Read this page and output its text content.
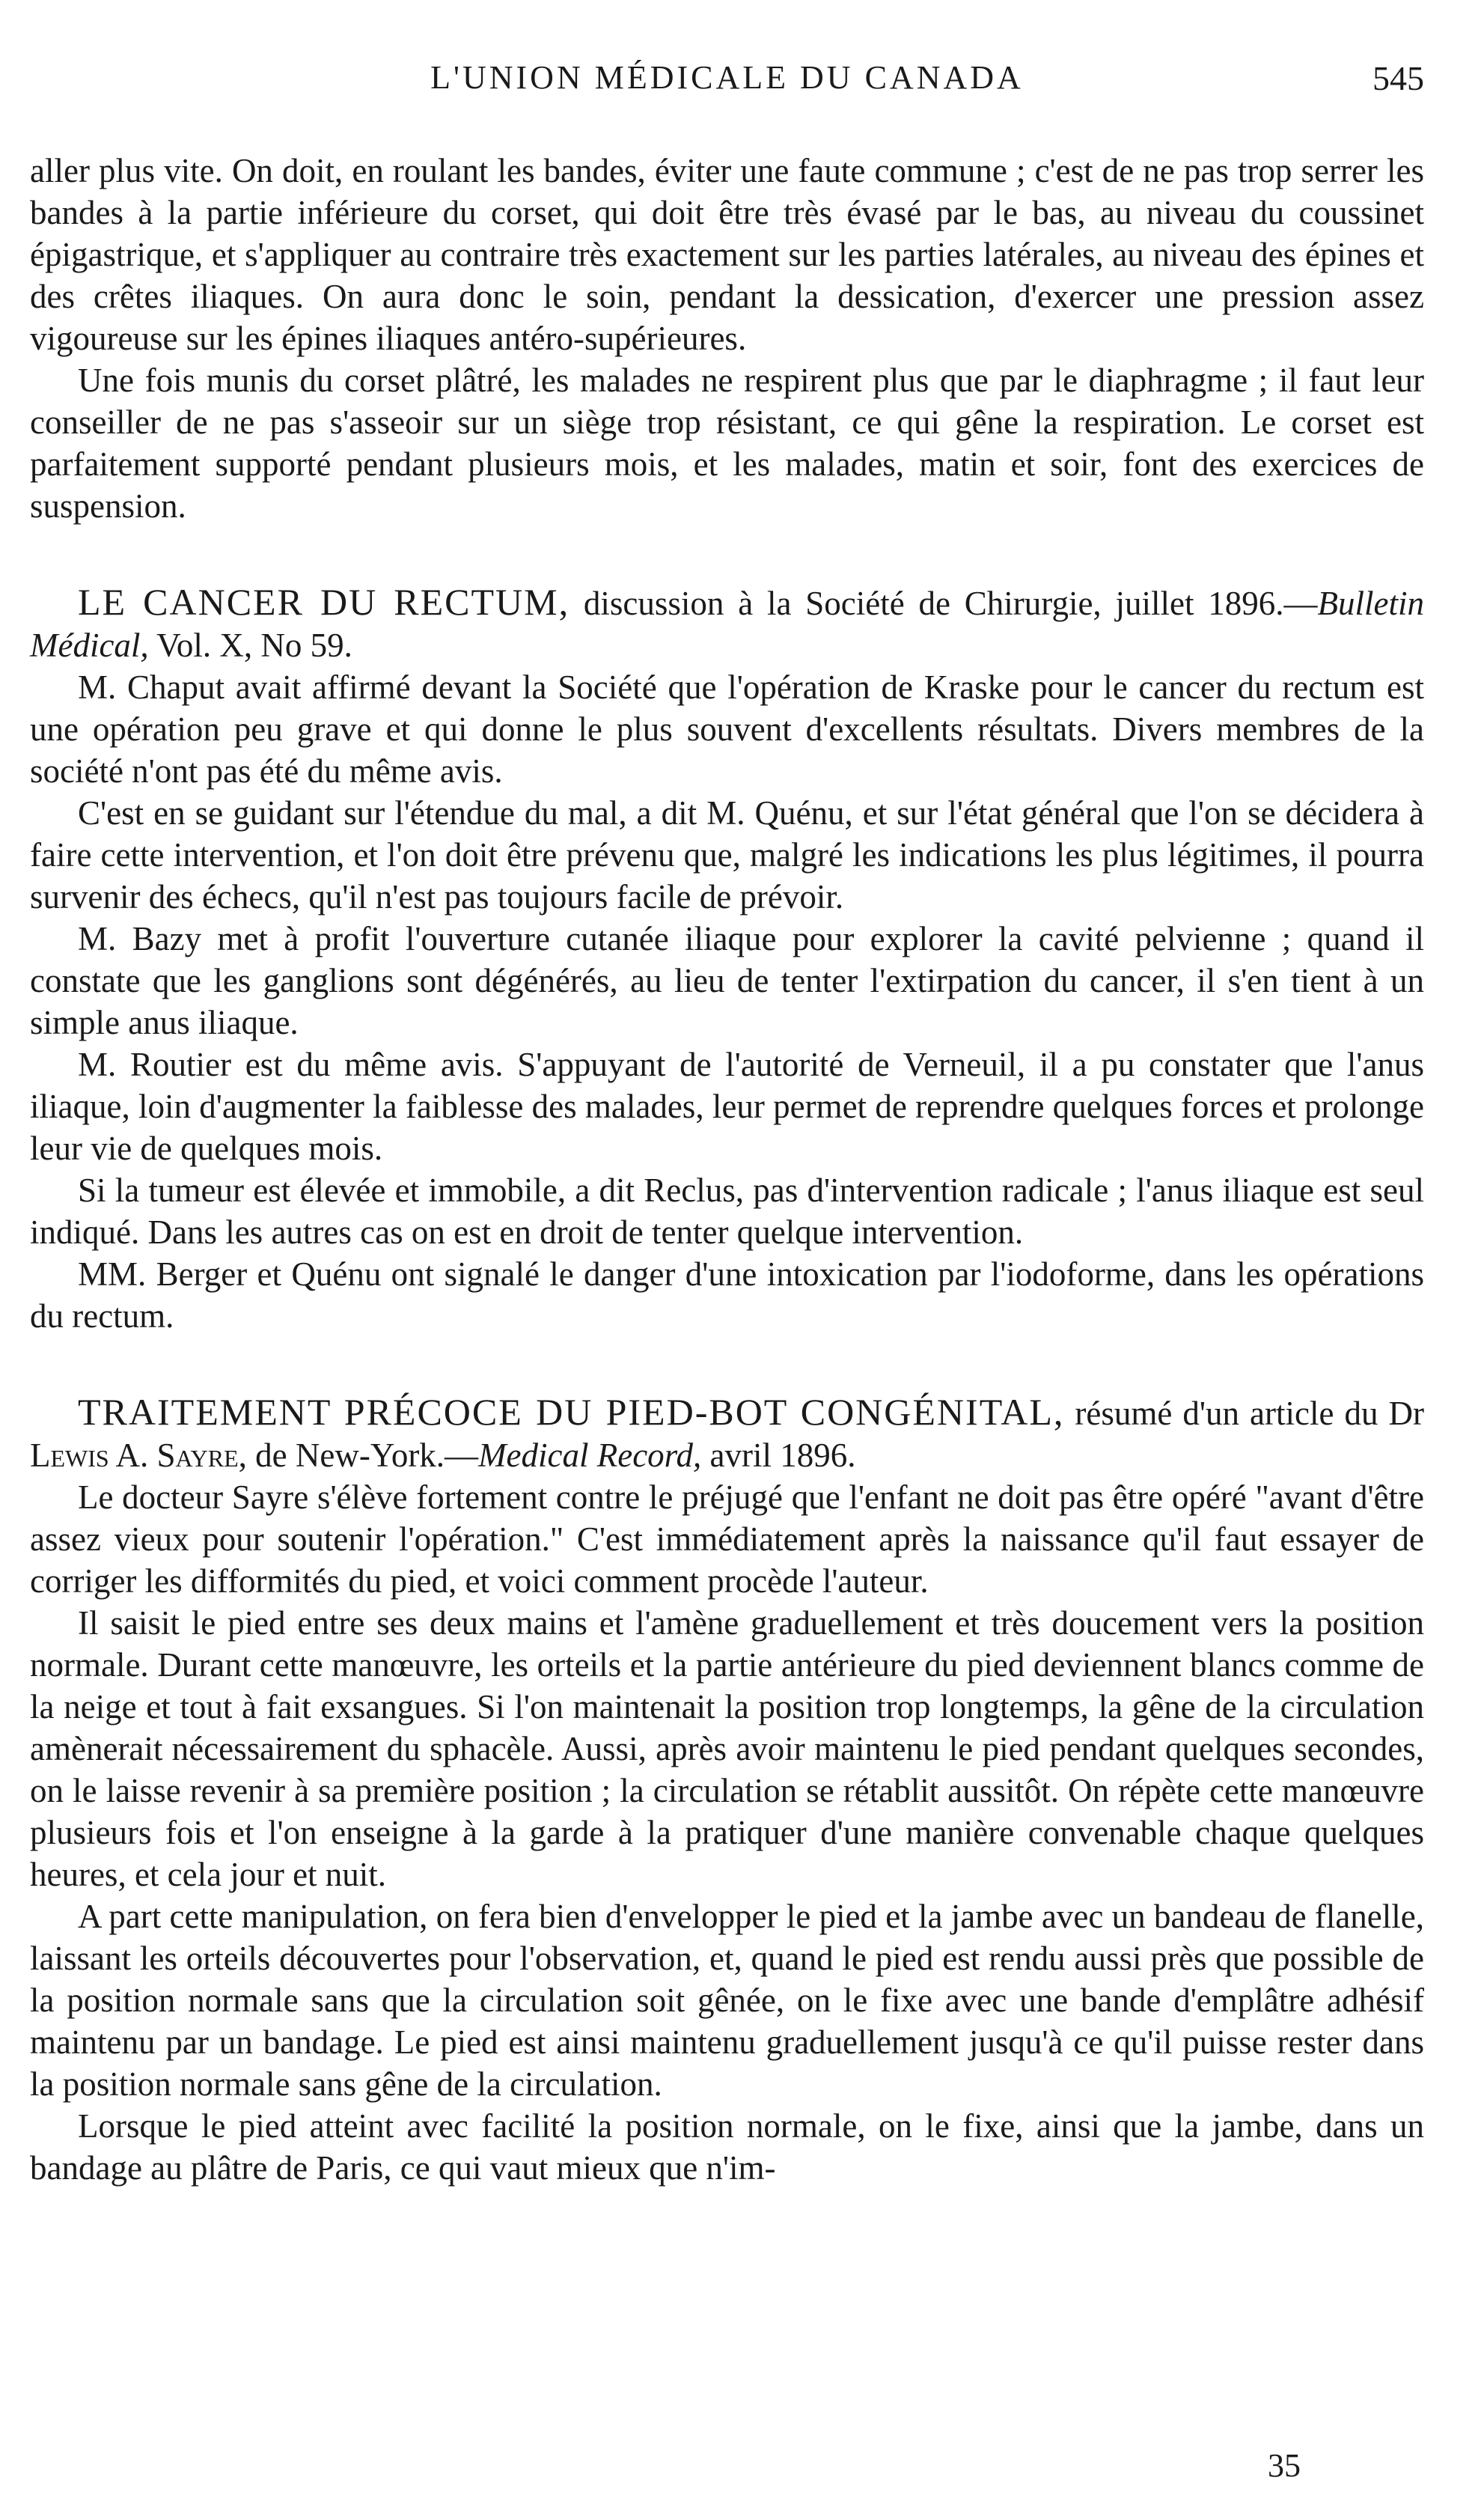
L'UNION MÉDICALE DU CANADA	545

aller plus vite. On doit, en roulant les bandes, éviter une faute commune ; c'est de ne pas trop serrer les bandes à la partie inférieure du corset, qui doit être très évasé par le bas, au niveau du coussinet épigastrique, et s'appliquer au contraire très exactement sur les parties latérales, au niveau des épines et des crêtes iliaques. On aura donc le soin, pendant la dessication, d'exercer une pression assez vigoureuse sur les épines iliaques antéro-supérieures.

Une fois munis du corset plâtré, les malades ne respirent plus que par le diaphragme ; il faut leur conseiller de ne pas s'asseoir sur un siège trop résistant, ce qui gêne la respiration. Le corset est parfaitement supporté pendant plusieurs mois, et les malades, matin et soir, font des exercices de suspension.

LE CANCER DU RECTUM, discussion à la Société de Chirurgie, juillet 1896.—Bulletin Médical, Vol. X, No 59.

M. Chaput avait affirmé devant la Société que l'opération de Kraske pour le cancer du rectum est une opération peu grave et qui donne le plus souvent d'excellents résultats. Divers membres de la société n'ont pas été du même avis.

C'est en se guidant sur l'étendue du mal, a dit M. Quénu, et sur l'état général que l'on se décidera à faire cette intervention, et l'on doit être prévenu que, malgré les indications les plus légitimes, il pourra survenir des échecs, qu'il n'est pas toujours facile de prévoir.

M. Bazy met à profit l'ouverture cutanée iliaque pour explorer la cavité pelvienne ; quand il constate que les ganglions sont dégénérés, au lieu de tenter l'extirpation du cancer, il s'en tient à un simple anus iliaque.

M. Routier est du même avis. S'appuyant de l'autorité de Verneuil, il a pu constater que l'anus iliaque, loin d'augmenter la faiblesse des malades, leur permet de reprendre quelques forces et prolonge leur vie de quelques mois.

Si la tumeur est élevée et immobile, a dit Reclus, pas d'intervention radicale ; l'anus iliaque est seul indiqué. Dans les autres cas on est en droit de tenter quelque intervention.

MM. Berger et Quénu ont signalé le danger d'une intoxication par l'iodoforme, dans les opérations du rectum.

TRAITEMENT PRÉCOCE DU PIED-BOT CONGÉNITAL, résumé d'un article du Dr Lewis A. Sayre, de New-York.—Medical Record, avril 1896.

Le docteur Sayre s'élève fortement contre le préjugé que l'enfant ne doit pas être opéré "avant d'être assez vieux pour soutenir l'opération." C'est immédiatement après la naissance qu'il faut essayer de corriger les difformités du pied, et voici comment procède l'auteur.

Il saisit le pied entre ses deux mains et l'amène graduellement et très doucement vers la position normale. Durant cette manœuvre, les orteils et la partie antérieure du pied deviennent blancs comme de la neige et tout à fait exsangues. Si l'on maintenait la position trop longtemps, la gêne de la circulation amènerait nécessairement du sphacèle. Aussi, après avoir maintenu le pied pendant quelques secondes, on le laisse revenir à sa première position ; la circulation se rétablit aussitôt. On répète cette manœuvre plusieurs fois et l'on enseigne à la garde à la pratiquer d'une manière convenable chaque quelques heures, et cela jour et nuit.

A part cette manipulation, on fera bien d'envelopper le pied et la jambe avec un bandeau de flanelle, laissant les orteils découvertes pour l'observation, et, quand le pied est rendu aussi près que possible de la position normale sans que la circulation soit gênée, on le fixe avec une bande d'emplâtre adhésif maintenu par un bandage. Le pied est ainsi maintenu graduellement jusqu'à ce qu'il puisse rester dans la position normale sans gêne de la circulation.

Lorsque le pied atteint avec facilité la position normale, on le fixe, ainsi que la jambe, dans un bandage au plâtre de Paris, ce qui vaut mieux que n'im-

35
